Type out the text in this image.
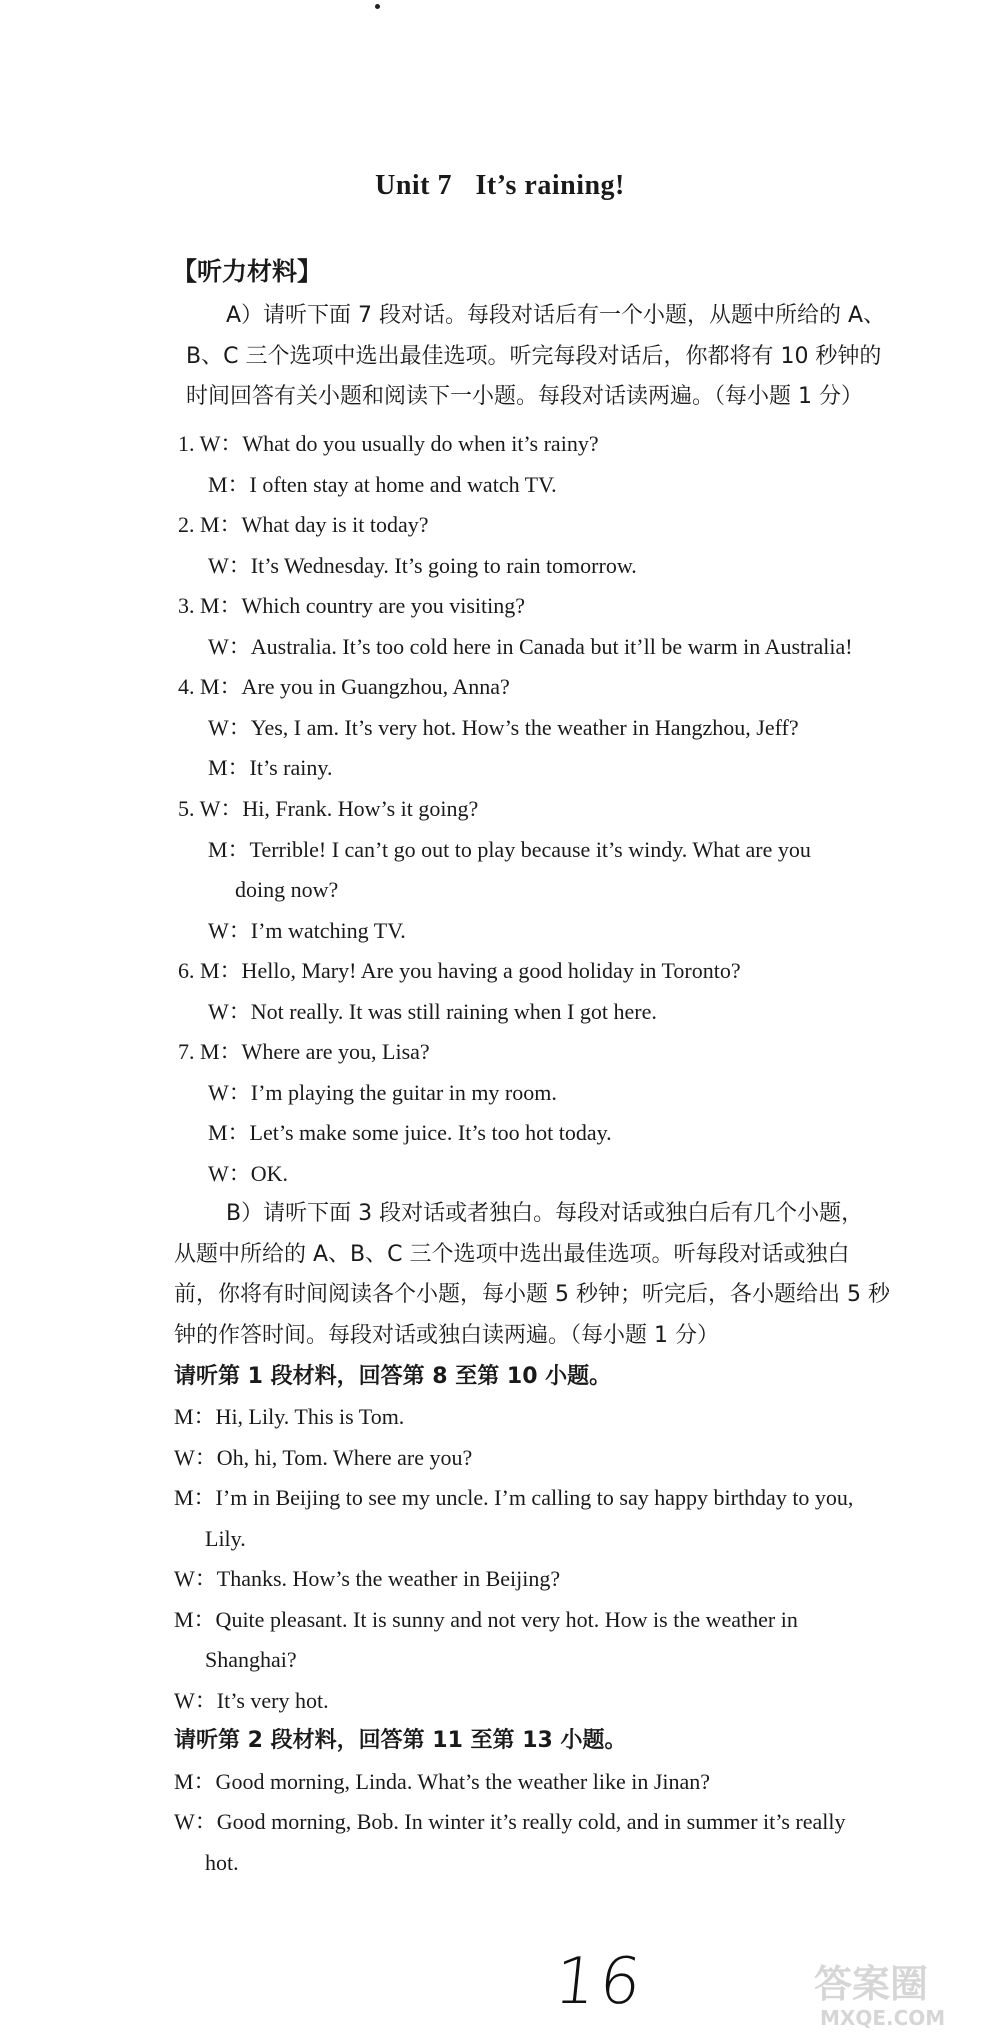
Unit 7 It’s raining!
【听力材料】
A）请听下面 7 段对话。每段对话后有一个小题，从题中所给的 A、
B、C 三个选项中选出最佳选项。听完每段对话后，你都将有 10 秒钟的
时间回答有关小题和阅读下一小题。每段对话读两遍。（每小题 1 分）
1. W：What do you usually do when it’s rainy?
M：I often stay at home and watch TV.
2. M：What day is it today?
W：It’s Wednesday. It’s going to rain tomorrow.
3. M：Which country are you visiting?
W：Australia. It’s too cold here in Canada but it’ll be warm in Australia!
4. M：Are you in Guangzhou, Anna?
W：Yes, I am. It’s very hot. How’s the weather in Hangzhou, Jeff?
M：It’s rainy.
5. W：Hi, Frank. How’s it going?
M：Terrible! I can’t go out to play because it’s windy. What are you
doing now?
W：I’m watching TV.
6. M：Hello, Mary! Are you having a good holiday in Toronto?
W：Not really. It was still raining when I got here.
7. M：Where are you, Lisa?
W：I’m playing the guitar in my room.
M：Let’s make some juice. It’s too hot today.
W：OK.
B）请听下面 3 段对话或者独白。每段对话或独白后有几个小题，
从题中所给的 A、B、C 三个选项中选出最佳选项。听每段对话或独白
前，你将有时间阅读各个小题，每小题 5 秒钟；听完后，各小题给出 5 秒
钟的作答时间。每段对话或独白读两遍。（每小题 1 分）
请听第 1 段材料，回答第 8 至第 10 小题。
M：Hi, Lily. This is Tom.
W：Oh, hi, Tom. Where are you?
M：I’m in Beijing to see my uncle. I’m calling to say happy birthday to you,
Lily.
W：Thanks. How’s the weather in Beijing?
M：Quite pleasant. It is sunny and not very hot. How is the weather in
Shanghai?
W：It’s very hot.
请听第 2 段材料，回答第 11 至第 13 小题。
M：Good morning, Linda. What’s the weather like in Jinan?
W：Good morning, Bob. In winter it’s really cold, and in summer it’s really
hot.
16	答案圈
MXQE.COM
